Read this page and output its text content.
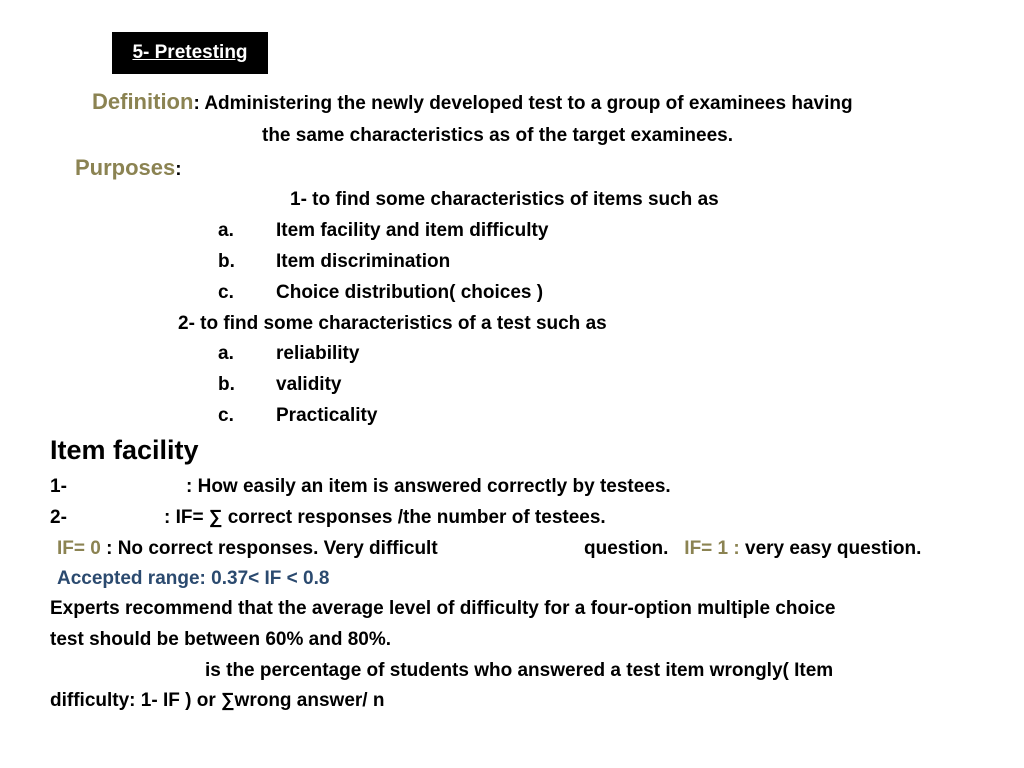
5- Pretesting
Definition: Administering the newly developed test to a group of examinees having
the same characteristics as of the target examinees.
Purposes:
1- to find some characteristics of items such as
a. Item facility and item difficulty
b. Item discrimination
c. Choice distribution( choices )
2- to find some characteristics of a test such as
a. reliability
b. validity
c. Practicality
Item facility
1-	: How easily an item is answered correctly by testees.
2-	: IF= ∑ correct responses /the number of testees.
IF= 0 : No correct responses. Very difficult	question. IF= 1 : very easy question.
Accepted range: 0.37< IF < 0.8
Experts recommend that the average level of difficulty for a four-option multiple choice
test should be between 60% and 80%.
is the percentage of students who answered a test item wrongly( Item
difficulty: 1- IF ) or ∑wrong answer/ n
